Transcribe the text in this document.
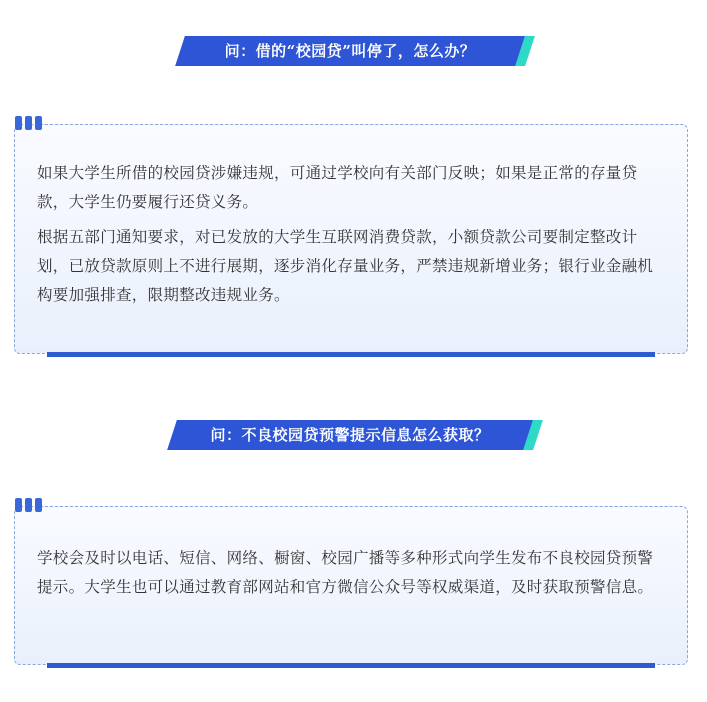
问：借的“校园贷”叫停了，怎么办？

如果大学生所借的校园贷涉嫌违规，可通过学校向有关部门反映；如果是正常的存量贷款，大学生仍要履行还贷义务。

根据五部门通知要求，对已发放的大学生互联网消费贷款，小额贷款公司要制定整改计划，已放贷款原则上不进行展期，逐步消化存量业务，严禁违规新增业务；银行业金融机构要加强排查，限期整改违规业务。

问：不良校园贷预警提示信息怎么获取？

学校会及时以电话、短信、网络、橱窗、校园广播等多种形式向学生发布不良校园贷预警提示。大学生也可以通过教育部网站和官方微信公众号等权威渠道，及时获取预警信息。
